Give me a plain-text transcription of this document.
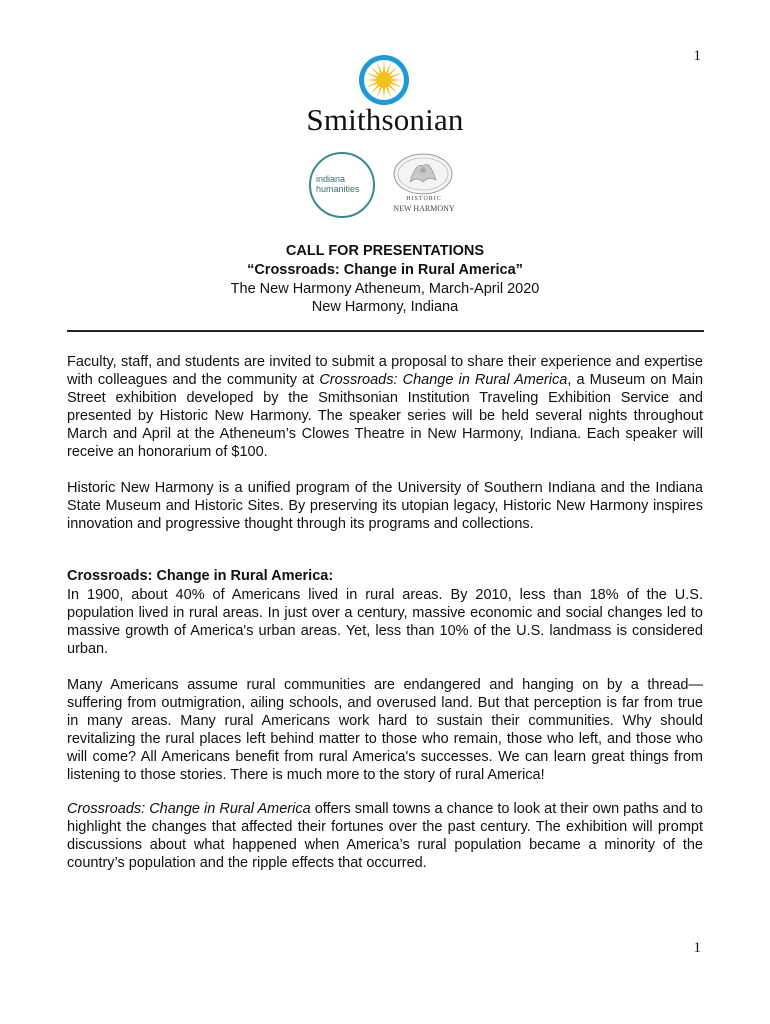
1
Smithsonian
indiana
humanities
HISTORIC
NEW HARMONY
CALL FOR PRESENTATIONS
“Crossroads: Change in Rural America”
The New Harmony Atheneum, March-April 2020
New Harmony, Indiana
Faculty, staff, and students are invited to submit a proposal to share their experience and expertise with colleagues and the community at Crossroads: Change in Rural America, a Museum on Main Street exhibition developed by the Smithsonian Institution Traveling Exhibition Service and presented by Historic New Harmony. The speaker series will be held several nights throughout March and April at the Atheneum’s Clowes Theatre in New Harmony, Indiana. Each speaker will receive an honorarium of $100.
Historic New Harmony is a unified program of the University of Southern Indiana and the Indiana State Museum and Historic Sites. By preserving its utopian legacy, Historic New Harmony inspires innovation and progressive thought through its programs and collections.
Crossroads: Change in Rural America:
In 1900, about 40% of Americans lived in rural areas. By 2010, less than 18% of the U.S. population lived in rural areas. In just over a century, massive economic and social changes led to massive growth of America's urban areas. Yet, less than 10% of the U.S. landmass is considered urban.
Many Americans assume rural communities are endangered and hanging on by a thread—suffering from outmigration, ailing schools, and overused land. But that perception is far from true in many areas. Many rural Americans work hard to sustain their communities. Why should revitalizing the rural places left behind matter to those who remain, those who left, and those who will come? All Americans benefit from rural America's successes. We can learn great things from listening to those stories. There is much more to the story of rural America!
Crossroads: Change in Rural America offers small towns a chance to look at their own paths and to highlight the changes that affected their fortunes over the past century. The exhibition will prompt discussions about what happened when America’s rural population became a minority of the country’s population and the ripple effects that occurred.
1
